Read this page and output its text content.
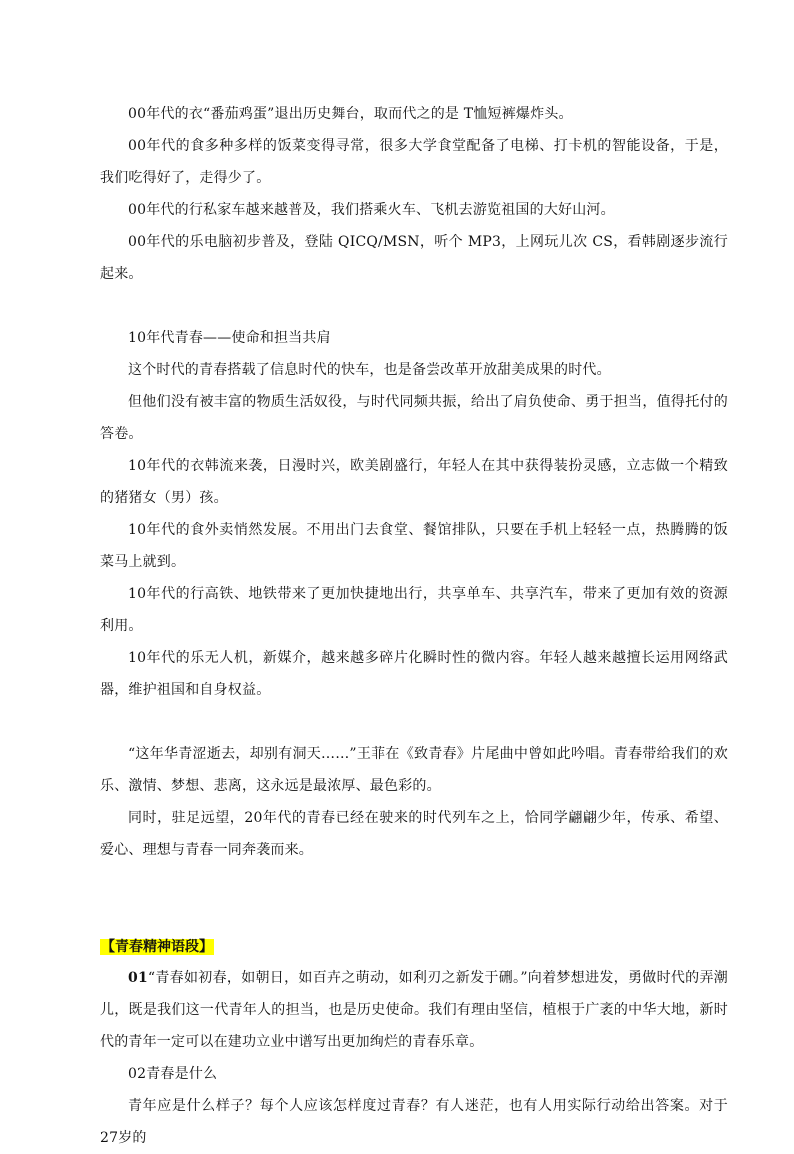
00年代的衣“番茄鸡蛋”退出历史舞台，取而代之的是 T恤短裤爆炸头。

00年代的食多种多样的饭菜变得寻常，很多大学食堂配备了电梯、打卡机的智能设备，于是，我们吃得好了，走得少了。

00年代的行私家车越来越普及，我们搭乘火车、飞机去游览祖国的大好山河。

00年代的乐电脑初步普及，登陆 QICQ/MSN，听个 MP3，上网玩儿次 CS，看韩剧逐步流行起来。

10年代青春——使命和担当共肩

这个时代的青春搭载了信息时代的快车，也是备尝改革开放甜美成果的时代。

但他们没有被丰富的物质生活奴役，与时代同频共振，给出了肩负使命、勇于担当，值得托付的答卷。

10年代的衣韩流来袭，日漫时兴，欧美剧盛行，年轻人在其中获得装扮灵感，立志做一个精致的猪猪女（男）孩。

10年代的食外卖悄然发展。不用出门去食堂、餐馆排队，只要在手机上轻轻一点，热腾腾的饭菜马上就到。

10年代的行高铁、地铁带来了更加快捷地出行，共享单车、共享汽车，带来了更加有效的资源利用。

10年代的乐无人机，新媒介，越来越多碎片化瞬时性的微内容。年轻人越来越擅长运用网络武器，维护祖国和自身权益。

“这年华青涩逝去，却别有洞天……”王菲在《致青春》片尾曲中曾如此吟唱。青春带给我们的欢乐、激情、梦想、悲离，这永远是最浓厚、最色彩的。

同时，驻足远望，20年代的青春已经在驶来的时代列车之上，恰同学翩翩少年，传承、希望、爱心、理想与青春一同奔袭而来。

【青春精神语段】

01“青春如初春，如朝日，如百卉之萌动，如利刃之新发于硎。”向着梦想进发，勇做时代的弄潮儿，既是我们这一代青年人的担当，也是历史使命。我们有理由坚信，植根于广袤的中华大地，新时代的青年一定可以在建功立业中谱写出更加绚烂的青春乐章。

02青春是什么

青年应是什么样子？每个人应该怎样度过青春？有人迷茫，也有人用实际行动给出答案。对于 27岁的
